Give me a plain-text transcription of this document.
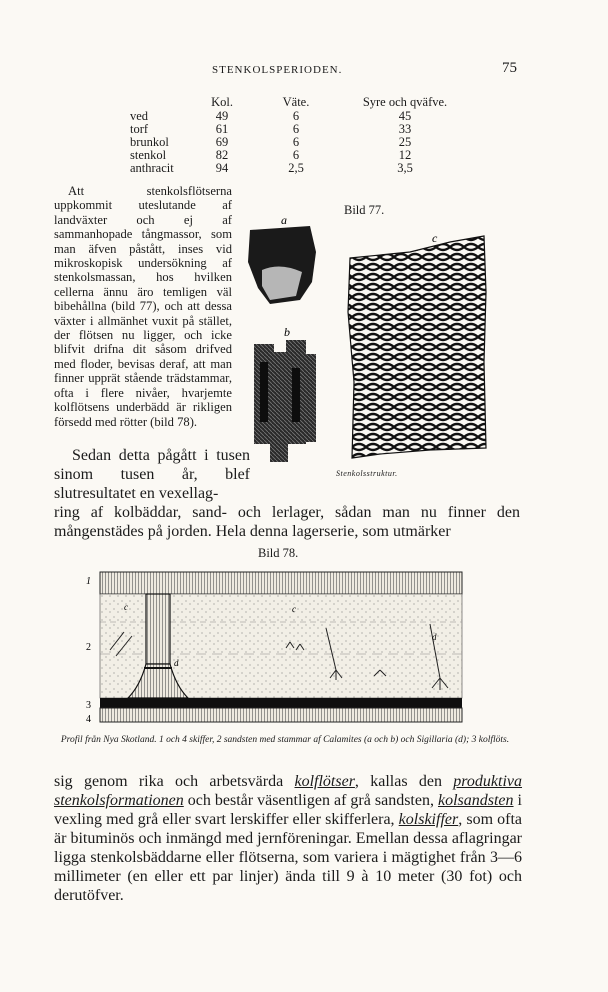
STENKOLSPERIODEN.	75
Kol.	Väte.	Syre och qväfve.
ved	49	6	45
torf	61	6	33
brunkol	69	6	25
stenkol	82	6	12
anthracit	94	2,5	3,5
Att stenkolsflötserna uppkommit uteslutande af landväxter och ej af sammanhopade tångmassor, som man äfven påstått, inses vid mikroskopisk undersökning af stenkolsmassan, hos hvilken cellerna ännu äro temligen väl bibehållna (bild 77), och att dessa växter i allmänhet vuxit på stället, der flötsen nu ligger, och icke blifvit drifna dit såsom drifved med floder, bevisas deraf, att man finner upprät stående trädstammar, ofta i flere nivåer, hvarjemte kolflötsens underbädd är rikligen försedd med rötter (bild 78).
Bild 77.
a
b
c
Stenkolsstruktur.
Sedan detta pågått i tusen sinom tusen år, blef slutresultatet en vexellag-
ring af kolbäddar, sand- och lerlager, sådan man nu finner den mångenstädes på jorden. Hela denna lagerserie, som utmärker
Bild 78.
1
2
3
4
c	c
d
d
Profil från Nya Skotland. 1 och 4 skiffer, 2 sandsten med stammar af Calamites (a och b) och Sigillaria (d); 3 kolflöts.
sig genom rika och arbetsvärda kolflötser, kallas den produktiva stenkolsformationen och består väsentligen af grå sandsten, kolsandsten i vexling med grå eller svart lerskiffer eller skifferlera, kolskiffer, som ofta är bituminös och inmängd med jernföreningar. Emellan dessa aflagringar ligga stenkolsbäddarne eller flötserna, som variera i mägtighet från 3—6 millimeter (en eller ett par linjer) ända till 9 à 10 meter (30 fot) och derutöfver.
